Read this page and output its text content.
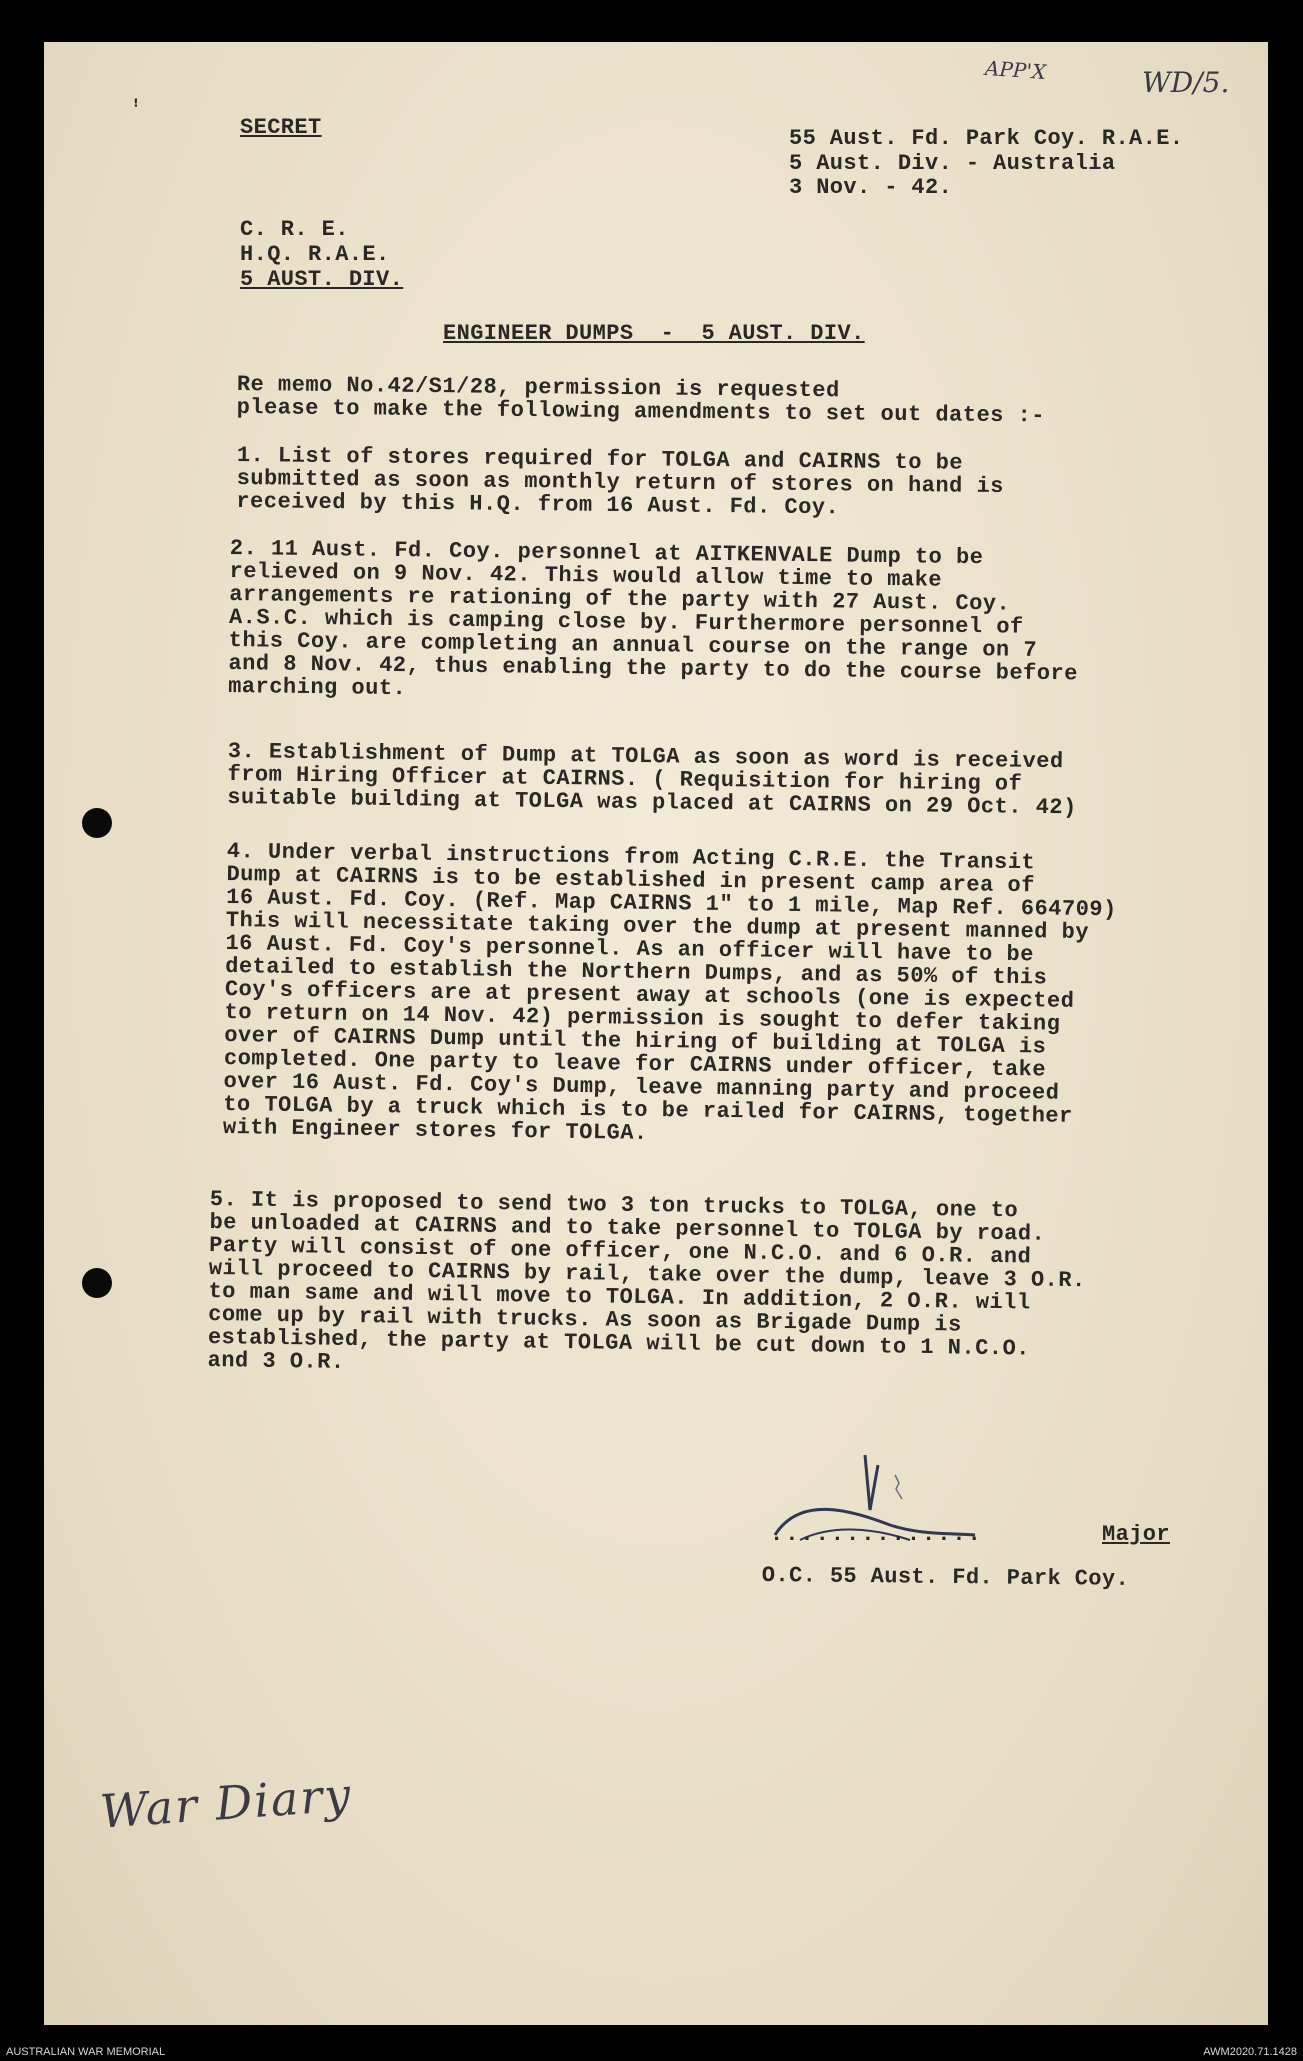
APP'X	WD/5.
ꜝ
SECRET	55 Aust. Fd. Park Coy. R.A.E.
5 Aust. Div. - Australia
3 Nov. - 42.
C. R. E.
H.Q. R.A.E.
5 AUST. DIV.
ENGINEER DUMPS  -  5 AUST. DIV.
Re memo No.42/S1/28, permission is requested
please to make the following amendments to set out dates :-
1. List of stores required for TOLGA and CAIRNS to be
submitted as soon as monthly return of stores on hand is
received by this H.Q. from 16 Aust. Fd. Coy.
2. 11 Aust. Fd. Coy. personnel at AITKENVALE Dump to be
relieved on 9 Nov. 42. This would allow time to make
arrangements re rationing of the party with 27 Aust. Coy.
A.S.C. which is camping close by. Furthermore personnel of
this Coy. are completing an annual course on the range on 7
and 8 Nov. 42, thus enabling the party to do the course before
marching out.
3. Establishment of Dump at TOLGA as soon as word is received
from Hiring Officer at CAIRNS. ( Requisition for hiring of
suitable building at TOLGA was placed at CAIRNS on 29 Oct. 42)
4. Under verbal instructions from Acting C.R.E. the Transit
Dump at CAIRNS is to be established in present camp area of
16 Aust. Fd. Coy. (Ref. Map CAIRNS 1" to 1 mile, Map Ref. 664709)
This will necessitate taking over the dump at present manned by
16 Aust. Fd. Coy's personnel. As an officer will have to be
detailed to establish the Northern Dumps, and as 50% of this
Coy's officers are at present away at schools (one is expected
to return on 14 Nov. 42) permission is sought to defer taking
over of CAIRNS Dump until the hiring of building at TOLGA is
completed. One party to leave for CAIRNS under officer, take
over 16 Aust. Fd. Coy's Dump, leave manning party and proceed
to TOLGA by a truck which is to be railed for CAIRNS, together
with Engineer stores for TOLGA.
5. It is proposed to send two 3 ton trucks to TOLGA, one to
be unloaded at CAIRNS and to take personnel to TOLGA by road.
Party will consist of one officer, one N.C.O. and 6 O.R. and
will proceed to CAIRNS by rail, take over the dump, leave 3 O.R.
to man same and will move to TOLGA. In addition, 2 O.R. will
come up by rail with trucks. As soon as Brigade Dump is
established, the party at TOLGA will be cut down to 1 N.C.O.
and 3 O.R.
..............	Major
O.C. 55 Aust. Fd. Park Coy.
War Diary
AUSTRALIAN WAR MEMORIAL	AWM2020.71.1428
